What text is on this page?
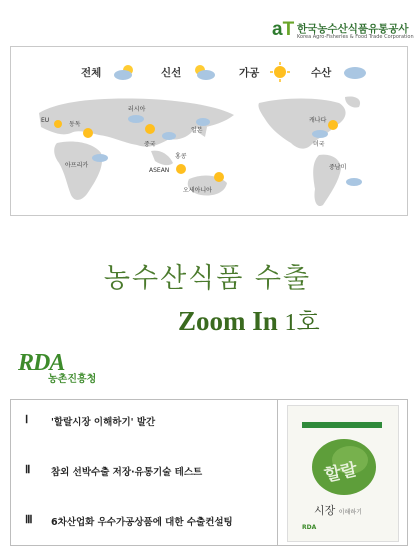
aT 한국농수산식품유통공사
Korea Agro-Fisheries & Food Trade Corporation
전체	신선	가공	수산
EU
동독
러시아
아프리카
중국
일본
홍콩
ASEAN
오세아니아
캐나다
미국
중남미
농수산식품 수출
Zoom In 1호
RDA
농촌진흥청
Ⅰ '할랄시장 이해하기' 발간
Ⅱ 참외 선박수출 저장·유통기술 테스트
Ⅲ 6차산업화 우수가공상품에 대한 수출컨설팅
할랄
시장 이해하기
RDA
